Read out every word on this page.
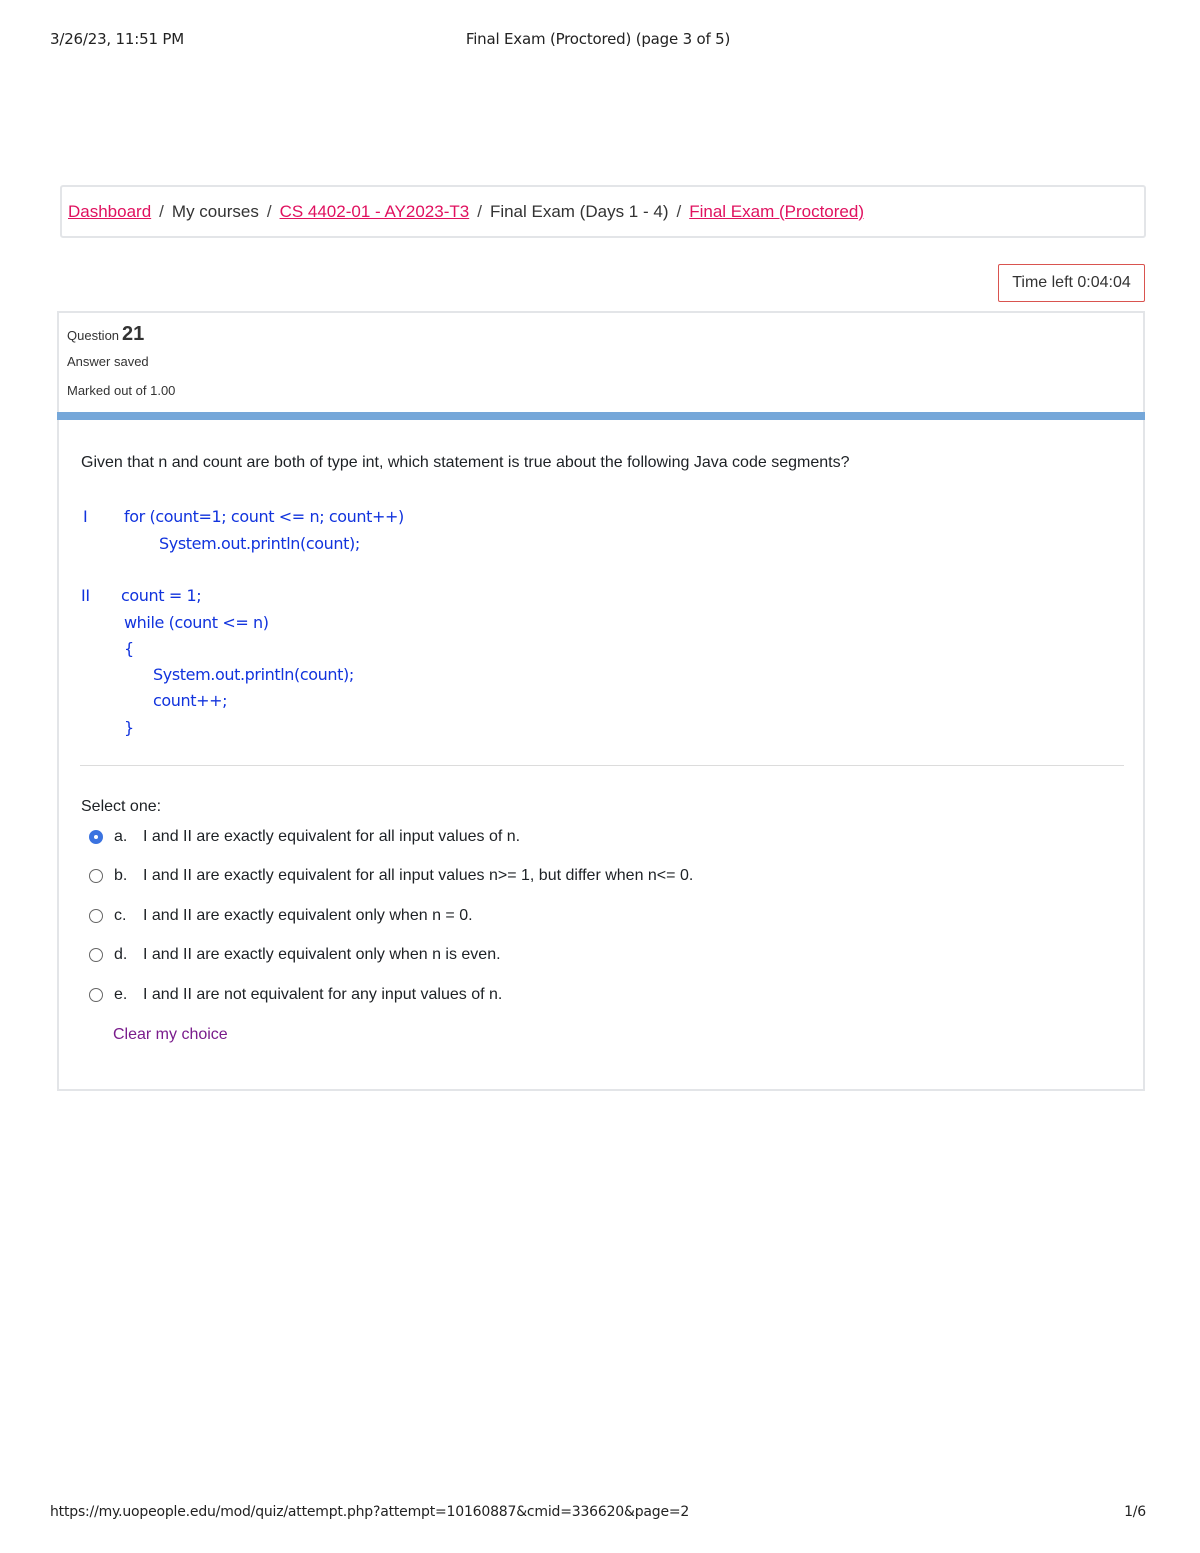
3/26/23, 11:51 PM	Final Exam (Proctored) (page 3 of 5)
Dashboard / My courses / CS 4402-01 - AY2023-T3 / Final Exam (Days 1 - 4) / Final Exam (Proctored)
Time left 0:04:04
Question 21
Answer saved
Marked out of 1.00
Given that n and count are both of type int, which statement is true about the following Java code segments?
I for (count=1; count <= n; count++)
System.out.println(count);
II count = 1;
while (count <= n)
{
System.out.println(count);
count++;
}
Select one:
a. I and II are exactly equivalent for all input values of n.
b. I and II are exactly equivalent for all input values n>= 1, but differ when n<= 0.
c.	I and II are exactly equivalent only when n = 0.
d. I and II are exactly equivalent only when n is even.
e. I and II are not equivalent for any input values of n.
Clear my choice
https://my.uopeople.edu/mod/quiz/attempt.php?attempt=10160887&cmid=336620&page=2	1/6
